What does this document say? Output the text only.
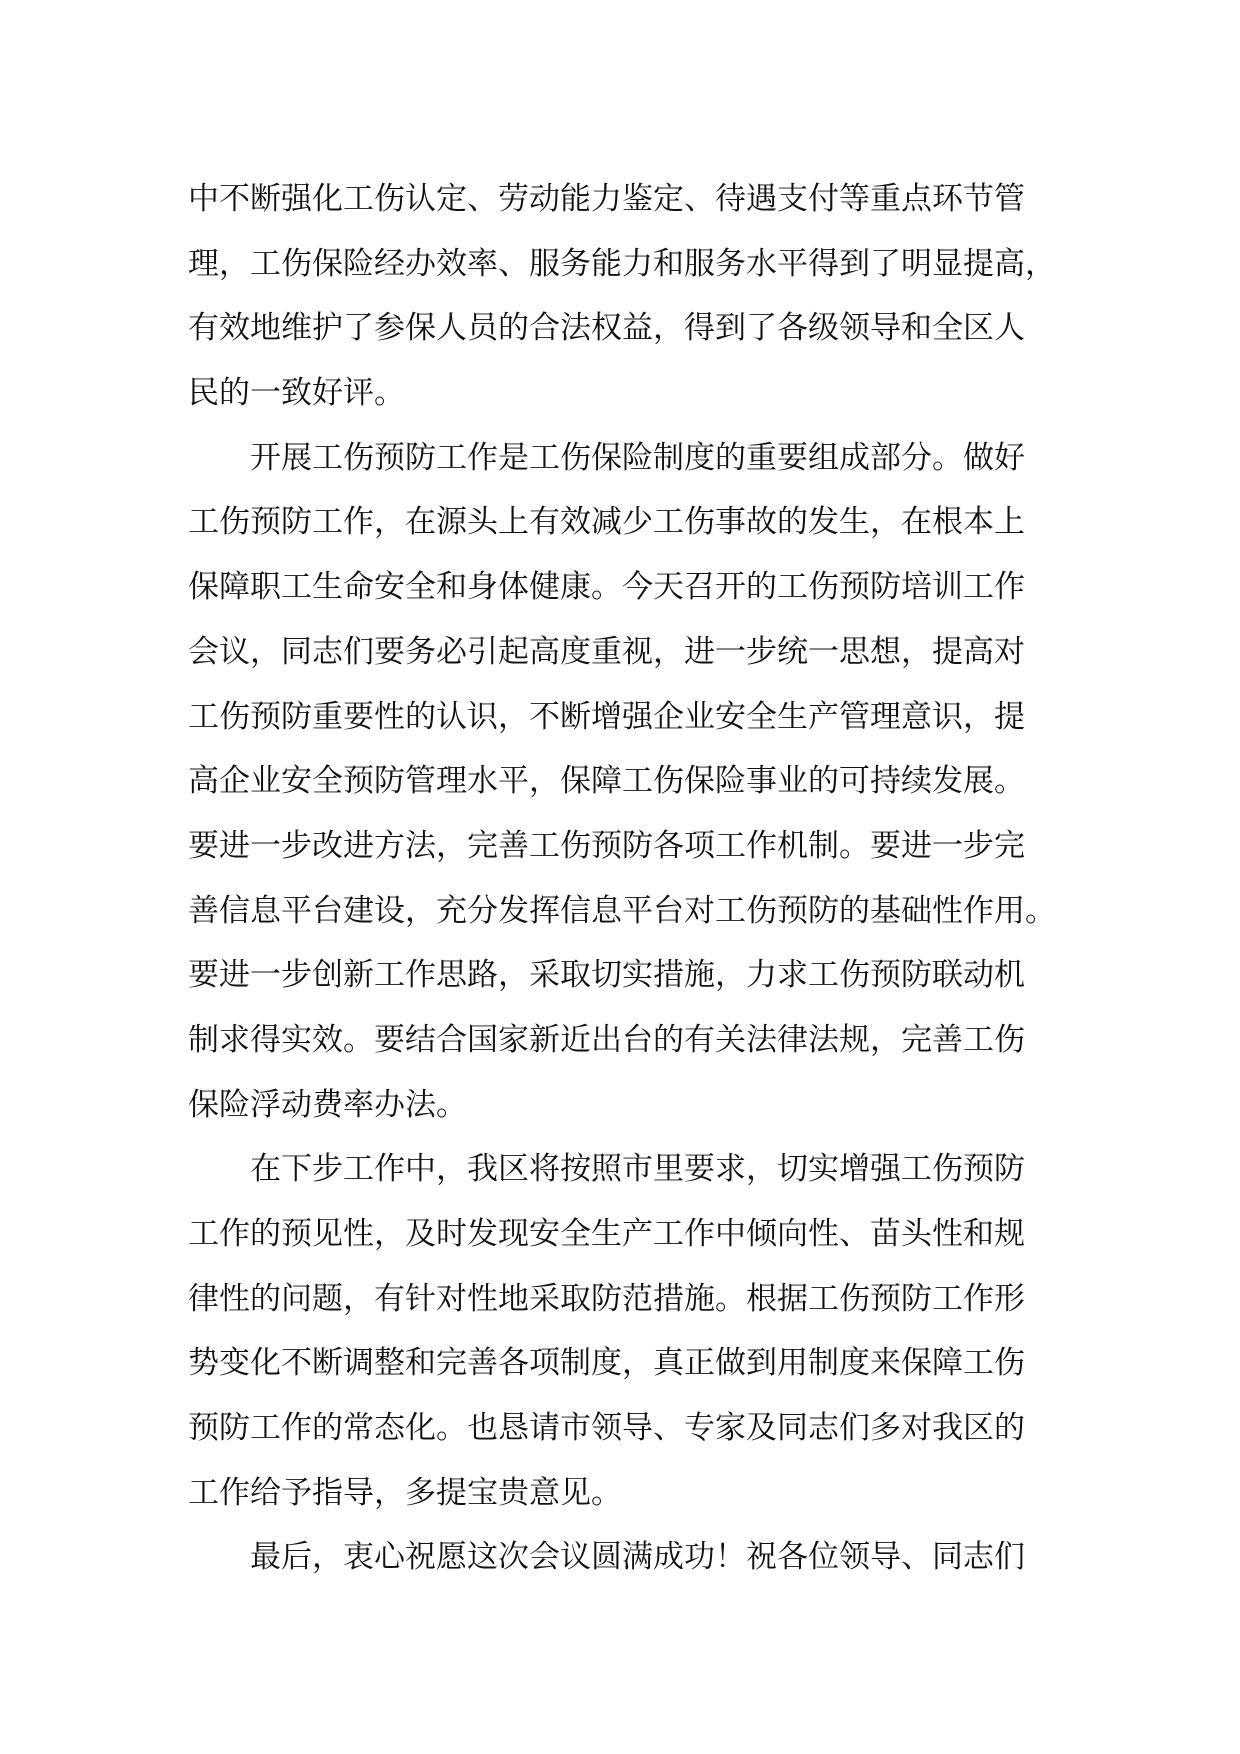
中不断强化工伤认定、劳动能力鉴定、待遇支付等重点环节管
理，工伤保险经办效率、服务能力和服务水平得到了明显提高，
有效地维护了参保人员的合法权益，得到了各级领导和全区人
民的一致好评。
开展工伤预防工作是工伤保险制度的重要组成部分。做好
工伤预防工作，在源头上有效减少工伤事故的发生，在根本上
保障职工生命安全和身体健康。今天召开的工伤预防培训工作
会议，同志们要务必引起高度重视，进一步统一思想，提高对
工伤预防重要性的认识，不断增强企业安全生产管理意识，提
高企业安全预防管理水平，保障工伤保险事业的可持续发展。
要进一步改进方法，完善工伤预防各项工作机制。要进一步完
善信息平台建设，充分发挥信息平台对工伤预防的基础性作用。
要进一步创新工作思路，采取切实措施，力求工伤预防联动机
制求得实效。要结合国家新近出台的有关法律法规，完善工伤
保险浮动费率办法。
在下步工作中，我区将按照市里要求，切实增强工伤预防
工作的预见性，及时发现安全生产工作中倾向性、苗头性和规
律性的问题，有针对性地采取防范措施。根据工伤预防工作形
势变化不断调整和完善各项制度，真正做到用制度来保障工伤
预防工作的常态化。也恳请市领导、专家及同志们多对我区的
工作给予指导，多提宝贵意见。
最后，衷心祝愿这次会议圆满成功！祝各位领导、同志们
